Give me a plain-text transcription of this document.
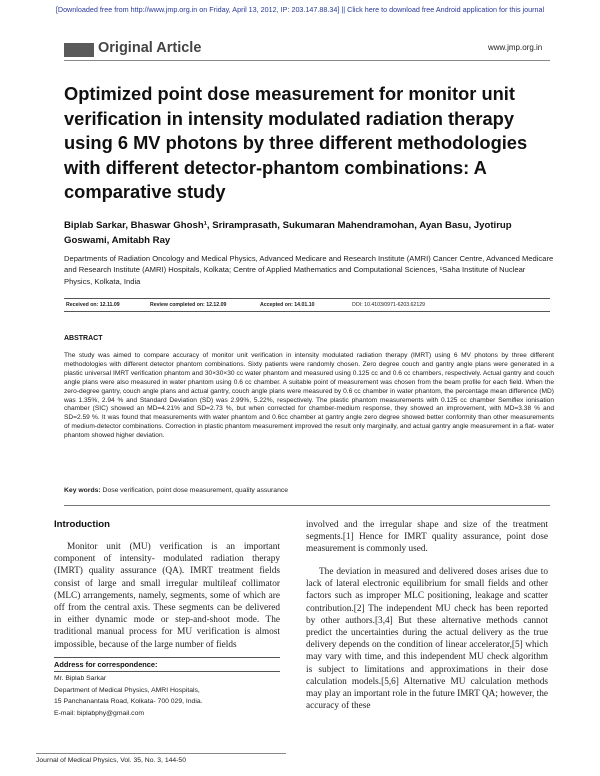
[Downloaded free from http://www.jmp.org.in on Friday, April 13, 2012, IP: 203.147.88.34] || Click here to download free Android application for this journal
Original Article	www.jmp.org.in
Optimized point dose measurement for monitor unit verification in intensity modulated radiation therapy using 6 MV photons by three different methodologies with different detector-phantom combinations: A comparative study
Biplab Sarkar, Bhaswar Ghosh¹, Sriramprasath, Sukumaran Mahendramohan, Ayan Basu, Jyotirup Goswami, Amitabh Ray
Departments of Radiation Oncology and Medical Physics, Advanced Medicare and Research Institute (AMRI) Cancer Centre, Advanced Medicare and Research Institute (AMRI) Hospitals, Kolkata; Centre of Applied Mathematics and Computational Sciences, ¹Saha Institute of Nuclear Physics, Kolkata, India
Received on: 12.11.09	Review completed on: 12.12.09	Accepted on: 14.01.10	DOI: 10.4103/0971-6203.62129
ABSTRACT
The study was aimed to compare accuracy of monitor unit verification in intensity modulated radiation therapy (IMRT) using 6 MV photons by three different methodologies with different detector phantom combinations. Sixty patients were randomly chosen. Zero degree couch and gantry angle plans were generated in a plastic universal IMRT verification phantom and 30×30×30 cc water phantom and measured using 0.125 cc and 0.6 cc chambers, respectively. Actual gantry and couch angle plans were also measured in water phantom using 0.6 cc chamber. A suitable point of measurement was chosen from the beam profile for each field. When the zero-degree gantry, couch angle plans and actual gantry, couch angle plans were measured by 0.6 cc chamber in water phantom, the percentage mean difference (MD) was 1.35%, 2.94 % and Standard Deviation (SD) was 2.99%, 5.22%, respectively. The plastic phantom measurements with 0.125 cc chamber Semiflex ionisation chamber (SIC) showed an MD=4.21% and SD=2.73 %, but when corrected for chamber-medium response, they showed an improvement, with MD=3.38 % and SD=2.59 %. It was found that measurements with water phantom and 0.6cc chamber at gantry angle zero degree showed better conformity than other measurements of medium-detector combinations. Correction in plastic phantom measurement improved the result only marginally, and actual gantry angle measurement in a flat- water phantom showed higher deviation.
Key words: Dose verification, point dose measurement, quality assurance
Introduction
Monitor unit (MU) verification is an important component of intensity- modulated radiation therapy (IMRT) quality assurance (QA). IMRT treatment fields consist of large and small irregular multileaf collimator (MLC) arrangements, namely, segments, some of which are off from the central axis. These segments can be delivered in either dynamic mode or step-and-shoot mode. The traditional manual process for MU verification is almost impossible, because of the large number of fields
involved and the irregular shape and size of the treatment segments.[1] Hence for IMRT quality assurance, point dose measurement is commonly used.
The deviation in measured and delivered doses arises due to lack of lateral electronic equilibrium for small fields and other factors such as improper MLC positioning, leakage and scatter contribution.[2] The independent MU check has been reported by other authors.[3,4] But these alternative methods cannot predict the uncertainties during the actual delivery as the true delivery depends on the condition of linear accelerator,[5] which may vary with time, and this independent MU check algorithm is subject to limitations and approximations in their dose calculation models.[5,6] Alternative MU calculation methods may play an important role in the future IMRT QA; however, the accuracy of these
Address for correspondence:
Mr. Biplab Sarkar
Department of Medical Physics, AMRI Hospitals,
15 Panchanantala Road, Kolkata- 700 029, India.
E-mail: biplabphy@gmail.com
Journal of Medical Physics, Vol. 35, No. 3, 144-50
